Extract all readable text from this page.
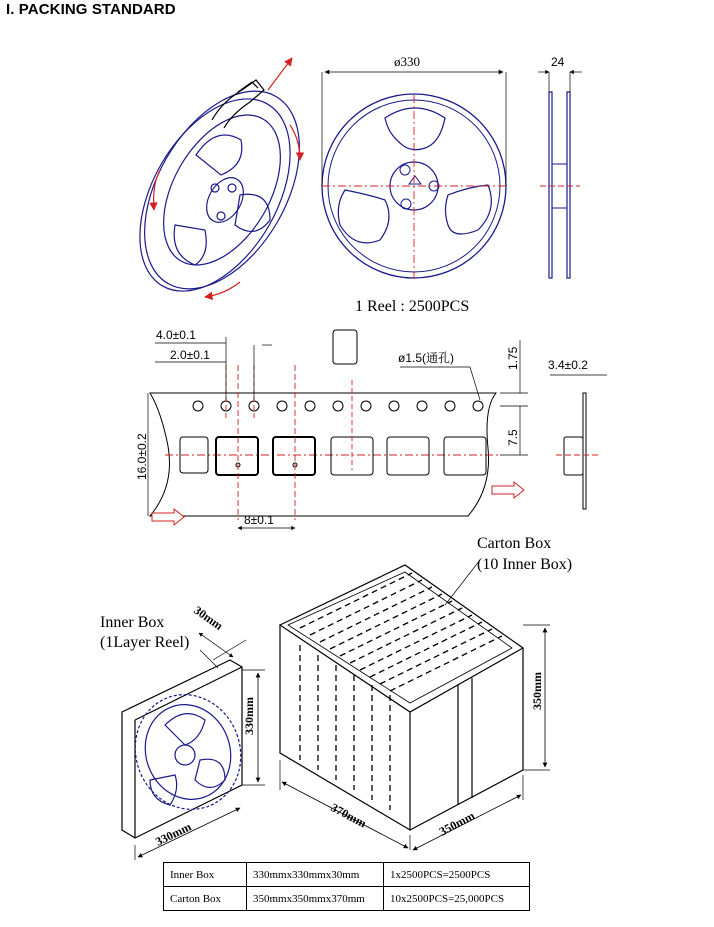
I. PACKING STANDARD
ø330
1 Reel : 2500PCS
24
4.0±0.1
2.0±0.1	ø1.5(通孔)	1.75
7.5
16.0±0.2
8±0.1
3.4±0.2
Carton Box
(10 Inner Box)
350mm
370mm	350mm
Inner Box
(1Layer Reel)
30mm
330mm
330mm
Inner Box	330mmx330mmx30mm	1x2500PCS=2500PCS
Carton Box	350mmx350mmx370mm	10x2500PCS=25,000PCS
